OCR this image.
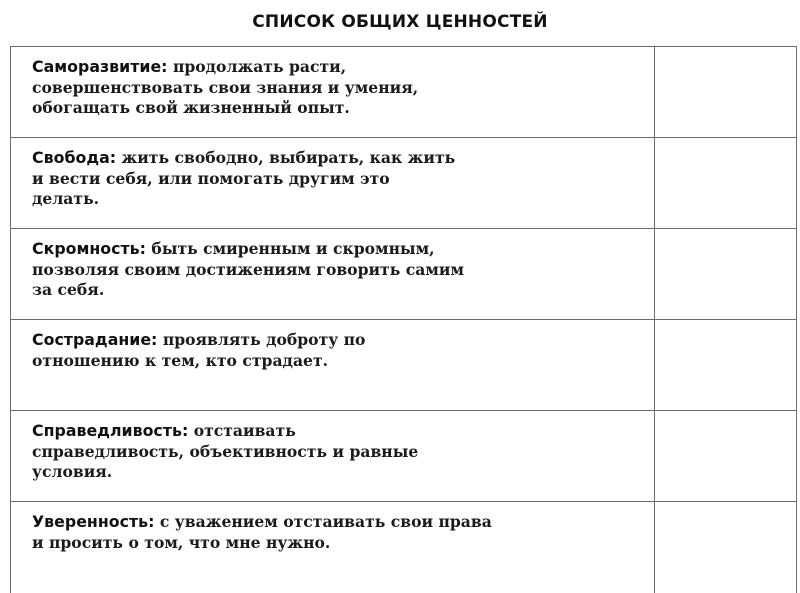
СПИСОК ОБЩИХ ЦЕННОСТЕЙ
Саморазвитие: продолжать расти,
совершенствовать свои знания и умения,
обогащать свой жизненный опыт.	

Свобода: жить свободно, выбирать, как жить
и вести себя, или помогать другим это
делать.	

Скромность: быть смиренным и скромным,
позволяя своим достижениям говорить самим
за себя.	

Сострадание: проявлять доброту по
отношению к тем, кто страдает.	

Справедливость: отстаивать
справедливость, объективность и равные
условия.	

Уверенность: с уважением отстаивать свои права
и просить о том, что мне нужно.	
